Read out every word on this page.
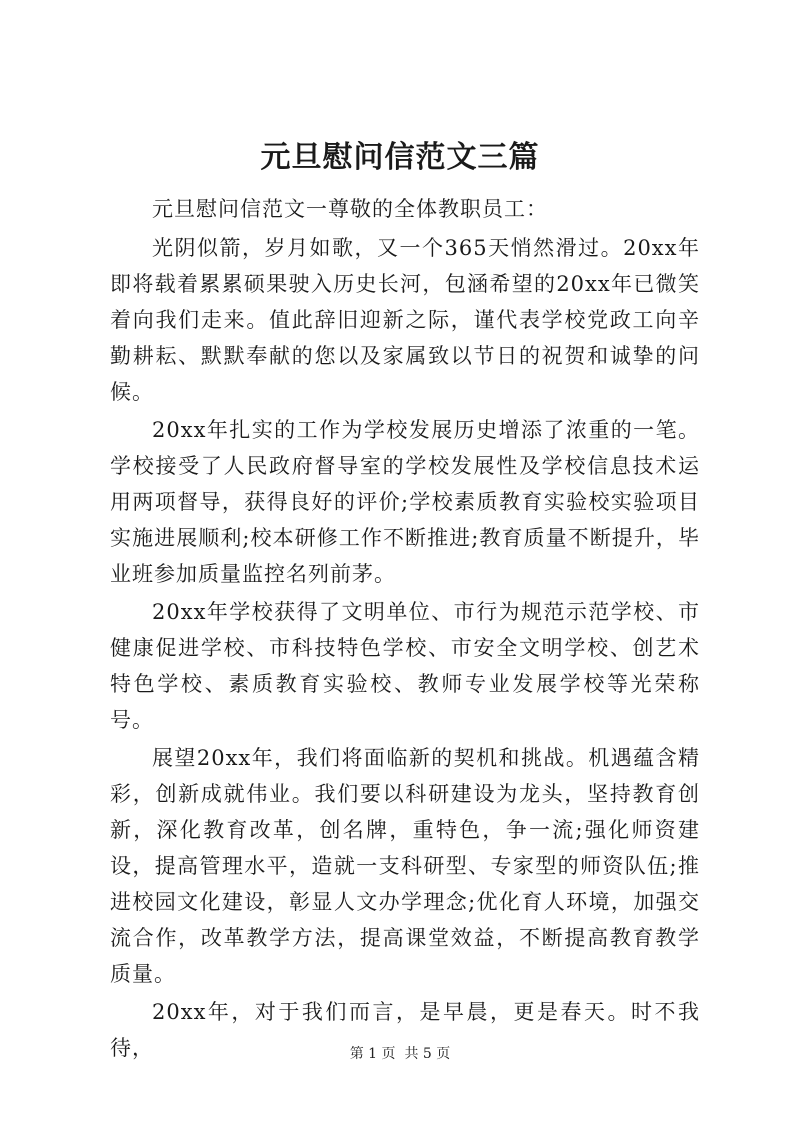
元旦慰问信范文三篇

元旦慰问信范文一尊敬的全体教职员工：

光阴似箭，岁月如歌，又一个365天悄然滑过。20xx年即将载着累累硕果驶入历史长河，包涵希望的20xx年已微笑着向我们走来。值此辞旧迎新之际，谨代表学校党政工向辛勤耕耘、默默奉献的您以及家属致以节日的祝贺和诚挚的问候。

20xx年扎实的工作为学校发展历史增添了浓重的一笔。学校接受了人民政府督导室的学校发展性及学校信息技术运用两项督导，获得良好的评价;学校素质教育实验校实验项目实施进展顺利;校本研修工作不断推进;教育质量不断提升，毕业班参加质量监控名列前茅。

20xx年学校获得了文明单位、市行为规范示范学校、市健康促进学校、市科技特色学校、市安全文明学校、创艺术特色学校、素质教育实验校、教师专业发展学校等光荣称号。

展望20xx年，我们将面临新的契机和挑战。机遇蕴含精彩，创新成就伟业。我们要以科研建设为龙头，坚持教育创新，深化教育改革，创名牌，重特色，争一流;强化师资建设，提高管理水平，造就一支科研型、专家型的师资队伍;推进校园文化建设，彰显人文办学理念;优化育人环境，加强交流合作，改革教学方法，提高课堂效益，不断提高教育教学质量。

20xx年，对于我们而言，是早晨，更是春天。时不我待，	第 1 页  共 5 页
